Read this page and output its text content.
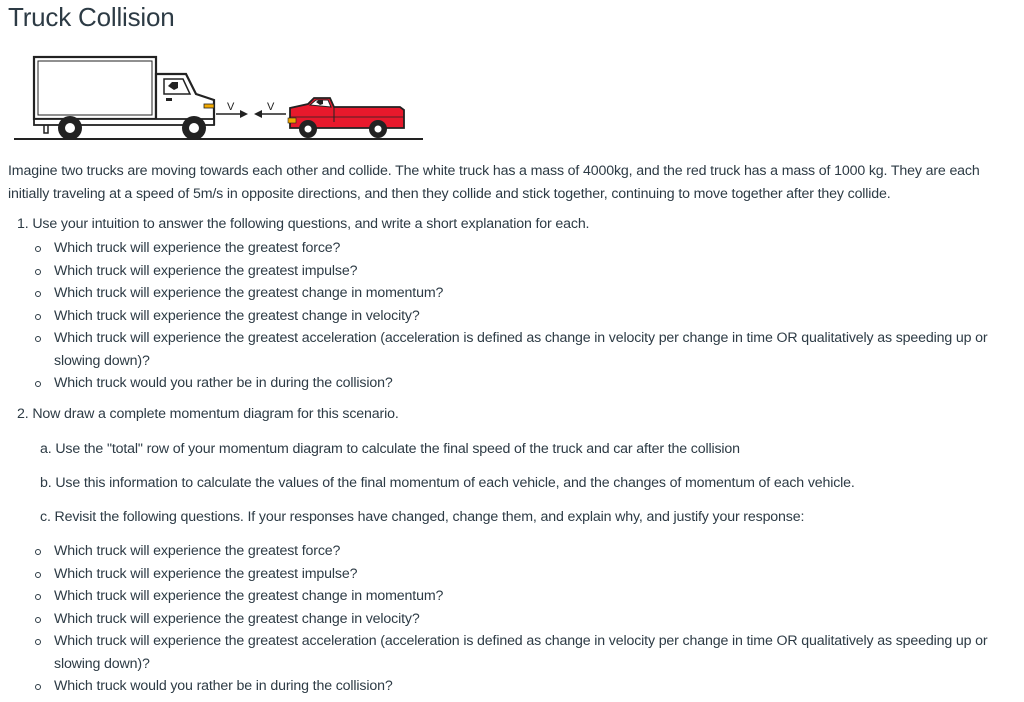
Truck Collision
V	V

Imagine two trucks are moving towards each other and collide. The white truck has a mass of 4000kg, and the red truck has a mass of 1000 kg. They are each initially traveling at a speed of 5m/s in opposite directions, and then they collide and stick together, continuing to move together after they collide.

1. Use your intuition to answer the following questions, and write a short explanation for each.
Which truck will experience the greatest force?
Which truck will experience the greatest impulse?
Which truck will experience the greatest change in momentum?
Which truck will experience the greatest change in velocity?
Which truck will experience the greatest acceleration (acceleration is defined as change in velocity per change in time OR qualitatively as speeding up or slowing down)?
Which truck would you rather be in during the collision?
2. Now draw a complete momentum diagram for this scenario.
a. Use the "total" row of your momentum diagram to calculate the final speed of the truck and car after the collision
b. Use this information to calculate the values of the final momentum of each vehicle, and the changes of momentum of each vehicle.
c. Revisit the following questions. If your responses have changed, change them, and explain why, and justify your response:
Which truck will experience the greatest force?
Which truck will experience the greatest impulse?
Which truck will experience the greatest change in momentum?
Which truck will experience the greatest change in velocity?
Which truck will experience the greatest acceleration (acceleration is defined as change in velocity per change in time OR qualitatively as speeding up or slowing down)?
Which truck would you rather be in during the collision?
